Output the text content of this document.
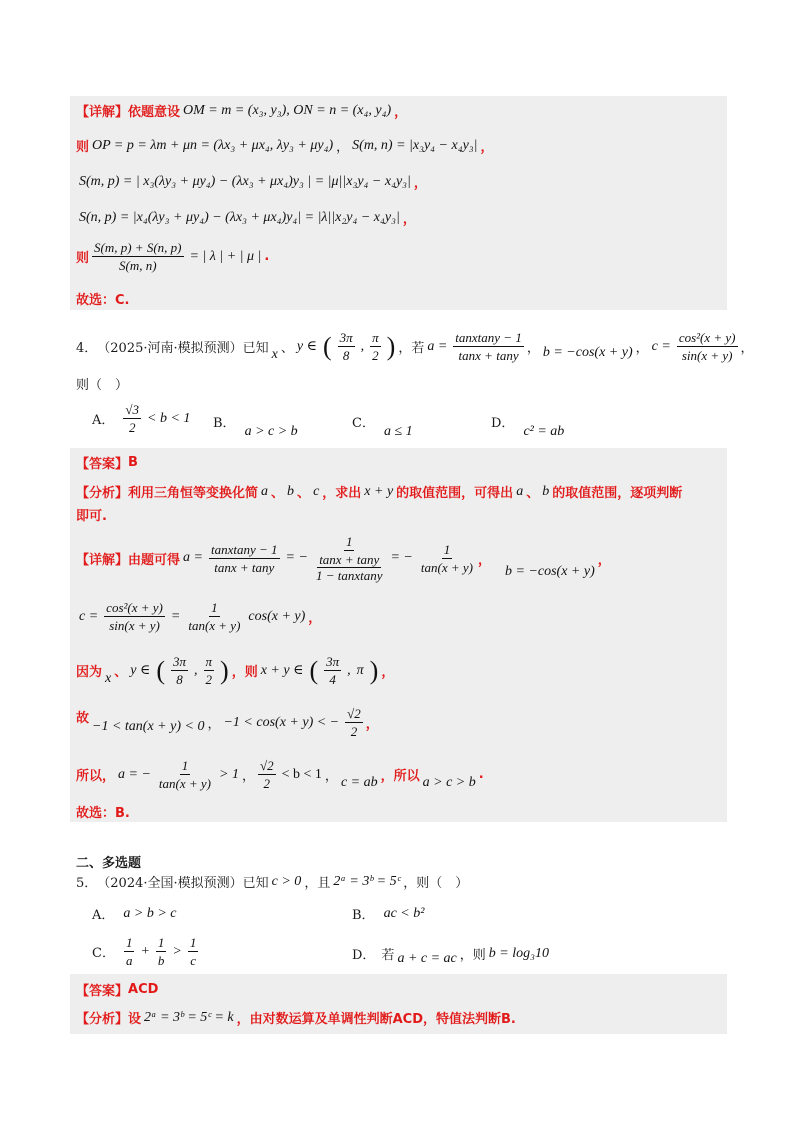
【详解】 依题意设 OM = m = (x₃, y₃), ON = n = (x₄, y₄) ，
则 OP = p = λm + μn = (λx₃ + μx₄, λy₃ + μy₄) ， S(m, n) = |x₃y₄ − x₄y₃| ，
S(m, p) = | x₃(λy₃ + μy₄) − (λx₃ + μx₄)y₃ | = |μ||x₃y₄ − x₄y₃| ，
S(n, p) = |x₄(λy₃ + μy₄) − (λx₃ + μx₄)y₄| = |λ||x₂y₄ − x₄y₃| ，
则 $\frac{S(m, p) + S(n, p)}{S(m, n)}$ = | λ | + | μ | .
故选：C.
4． （2025·河南·模拟预测）已知 x 、 y ∈ ( $\frac{3\pi}{8}$ , $\frac{\pi}{2}$ ) ，若 $a = \frac{\text{tanxtany − 1}}{\tan x + \tan y}$ ， b = −cos(x + y) ， $c = \frac{\text{cos²(x + y)}}{\sin(x + y)}$ ，
则（　）
A． $\frac{√3}{2} < b < 1$ B． a > c > b	C． a ≤ 1	D． c² = ab
【答案】 B
【分析】 利用三角恒等变换化简 a 、 b 、 c ，求出 x + y 的取值范围，可得出 a 、 b 的取值范围，逐项判断
即可.
【详解】 由题可得 $a = \frac{\text{tanxtany − 1}}{\tan x + \tan y}$ = − 1
tanx + tany
1 − tanxtany = − $\frac{1}{\tan(x + y)}$ ，
b = −cos(x + y)
，
$c = \frac{\text{cos²(x + y)}}{\sin(x + y)} = \frac{1}{\tan(x + y)} \cos(x + y)$ ，
因为 x 、 y ∈ ( $\frac{3\pi}{8}$ , $\frac{\pi}{2}$ ) ，则 x + y ∈ ( $\frac{3\pi}{4}$ , π ) ，
故 −1 < tan(x + y) < 0 ， −1 < cos(x + y) < − $\frac{√2}{2}$ ，
所以， a = − $\frac{1}{\tan(x + y)} > 1$ ， $\frac{√2}{2} < b < 1$ ， c = ab ，所以 a > c > b .
故选：B.
二、多选题
5． （2024·全国·模拟预测）已知 c > 0 ，且 2ᵃ = 3ᵇ = 5ᶜ ，则（　）
A． a > b > c	B． ac < b²
C． $\frac{1}{a} + \frac{1}{b} > \frac{1}{c}$	D． 若 a + c = ac ，则 b = log₃10
【答案】 ACD
【分析】 设 2ᵃ = 3ᵇ = 5ᶜ = k ，由对数运算及单调性判断ACD，特值法判断B.
